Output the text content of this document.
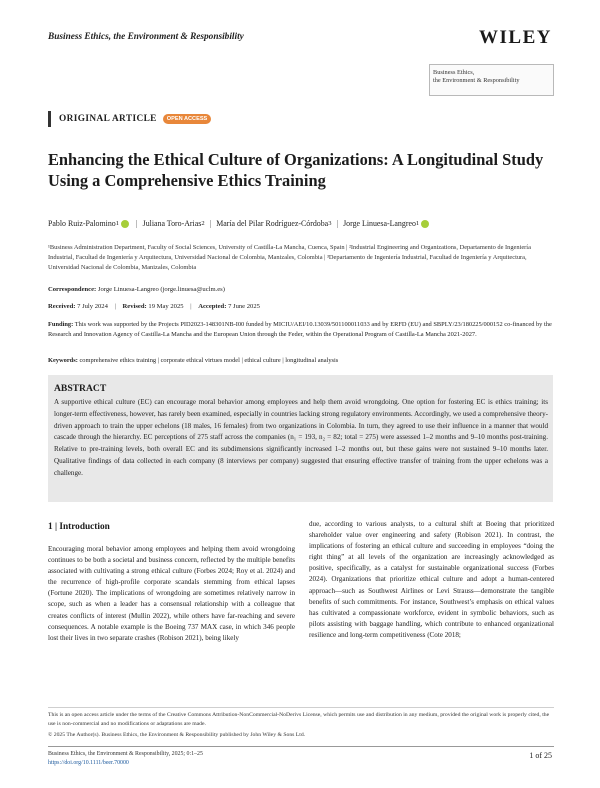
Business Ethics, the Environment & Responsibility	WILEY
Business Ethics,
the Environment & Responsibility
ORIGINAL ARTICLE	OPEN ACCESS
Enhancing the Ethical Culture of Organizations: A Longitudinal Study Using a Comprehensive Ethics Training
Pablo Ruiz-Palomino 1 | Juliana Toro-Arias 2 | María del Pilar Rodríguez-Córdoba 3 | Jorge Linuesa-Langreo 1
¹Business Administration Department, Faculty of Social Sciences, University of Castilla-La Mancha, Cuenca, Spain | ²Industrial Engineering and Organizations, Departamento de Ingeniería Industrial, Facultad de Ingeniería y Arquitectura, Universidad Nacional de Colombia, Manizales, Colombia | ³Departamento de Ingeniería Industrial, Facultad de Ingeniería y Arquitectura, Universidad Nacional de Colombia, Manizales, Colombia
Correspondence: Jorge Linuesa-Langreo (jorge.linuesa@uclm.es)
Received: 7 July 2024 | Revised: 19 May 2025 | Accepted: 7 June 2025
Funding: This work was supported by the Projects PID2023-148301NB-I00 funded by MICIU/AEI/10.13039/501100011033 and by ERFD (EU) and SBPLY/23/180225/000152 co-financed by the Research and Innovation Agency of Castilla-La Mancha and the European Union through the Feder, within the Operational Program of Castilla-La Mancha 2021-2027.
Keywords: comprehensive ethics training | corporate ethical virtues model | ethical culture | longitudinal analysis
ABSTRACT
A supportive ethical culture (EC) can encourage moral behavior among employees and help them avoid wrongdoing. One option for fostering EC is ethics training; its longer-term effectiveness, however, has rarely been examined, especially in countries lacking strong regulatory environments. Accordingly, we used a comprehensive theory-driven approach to train the upper echelons (18 males, 16 females) from two organizations in Colombia. In turn, they agreed to use their influence in a manner that would cascade through the hierarchy. EC perceptions of 275 staff across the companies (n₁ = 193, n₂ = 82; total = 275) were assessed 1–2 months and 9–10 months post-training. Relative to pre-training levels, both overall EC and its subdimensions significantly increased 1–2 months out, but these gains were not sustained 9–10 months later. Qualitative findings of data collected in each company (8 interviews per company) suggested that ensuring effective transfer of training from the upper echelons was a challenge.
1 | Introduction
Encouraging moral behavior among employees and helping them avoid wrongdoing continues to be both a societal and business concern, reflected by the multiple benefits associated with cultivating a strong ethical culture (Forbes 2024; Roy et al. 2024) and the recurrence of high-profile corporate scandals stemming from ethical lapses (Fortune 2020). The implications of wrongdoing are sometimes relatively narrow in scope, such as when a leader has a consensual relationship with a colleague that creates conflicts of interest (Mullin 2022), while others have far-reaching and severe consequences. A notable example is the Boeing 737 MAX case, in which 346 people lost their lives in two separate crashes (Robison 2021), being likely
due, according to various analysts, to a cultural shift at Boeing that prioritized shareholder value over engineering and safety (Robison 2021). In contrast, the implications of fostering an ethical culture and succeeding in employees “doing the right thing” at all levels of the organization are increasingly acknowledged as positive, specifically, as a catalyst for sustainable organizational success (Forbes 2024). Organizations that prioritize ethical culture and adopt a human-centered approach—such as Southwest Airlines or Levi Strauss—demonstrate the tangible benefits of such commitments. For instance, Southwest’s emphasis on ethical values has cultivated a compassionate workforce, evident in symbolic behaviors, such as pilots assisting with baggage handling, which contribute to enhanced organizational resilience and long-term competitiveness (Cote 2018;
This is an open access article under the terms of the Creative Commons Attribution-NonCommercial-NoDerivs License, which permits use and distribution in any medium, provided the original work is properly cited, the use is non-commercial and no modifications or adaptations are made.
© 2025 The Author(s). Business Ethics, the Environment & Responsibility published by John Wiley & Sons Ltd.
Business Ethics, the Environment & Responsibility, 2025; 0:1–25
https://doi.org/10.1111/beer.70000
1 of 25
